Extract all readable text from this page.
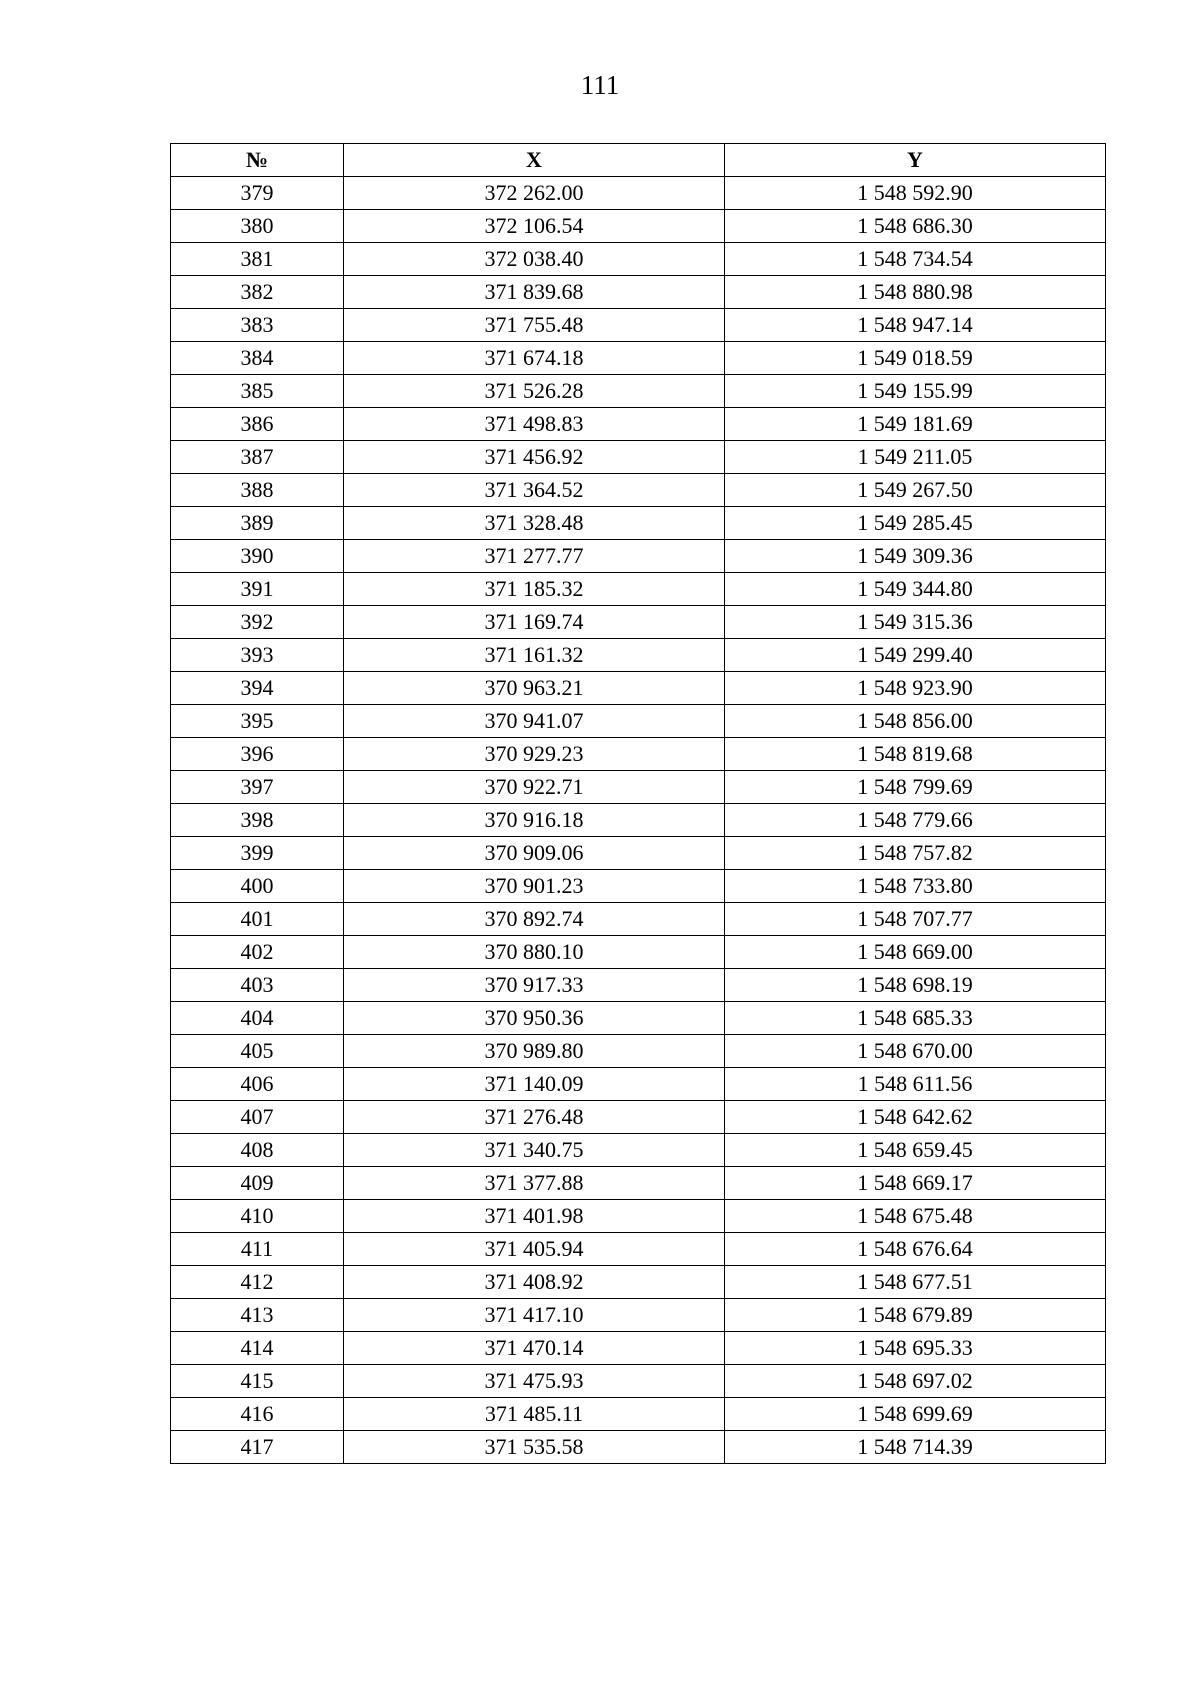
111
№	X	Y
379	372 262.00	1 548 592.90
380	372 106.54	1 548 686.30
381	372 038.40	1 548 734.54
382	371 839.68	1 548 880.98
383	371 755.48	1 548 947.14
384	371 674.18	1 549 018.59
385	371 526.28	1 549 155.99
386	371 498.83	1 549 181.69
387	371 456.92	1 549 211.05
388	371 364.52	1 549 267.50
389	371 328.48	1 549 285.45
390	371 277.77	1 549 309.36
391	371 185.32	1 549 344.80
392	371 169.74	1 549 315.36
393	371 161.32	1 549 299.40
394	370 963.21	1 548 923.90
395	370 941.07	1 548 856.00
396	370 929.23	1 548 819.68
397	370 922.71	1 548 799.69
398	370 916.18	1 548 779.66
399	370 909.06	1 548 757.82
400	370 901.23	1 548 733.80
401	370 892.74	1 548 707.77
402	370 880.10	1 548 669.00
403	370 917.33	1 548 698.19
404	370 950.36	1 548 685.33
405	370 989.80	1 548 670.00
406	371 140.09	1 548 611.56
407	371 276.48	1 548 642.62
408	371 340.75	1 548 659.45
409	371 377.88	1 548 669.17
410	371 401.98	1 548 675.48
411	371 405.94	1 548 676.64
412	371 408.92	1 548 677.51
413	371 417.10	1 548 679.89
414	371 470.14	1 548 695.33
415	371 475.93	1 548 697.02
416	371 485.11	1 548 699.69
417	371 535.58	1 548 714.39
